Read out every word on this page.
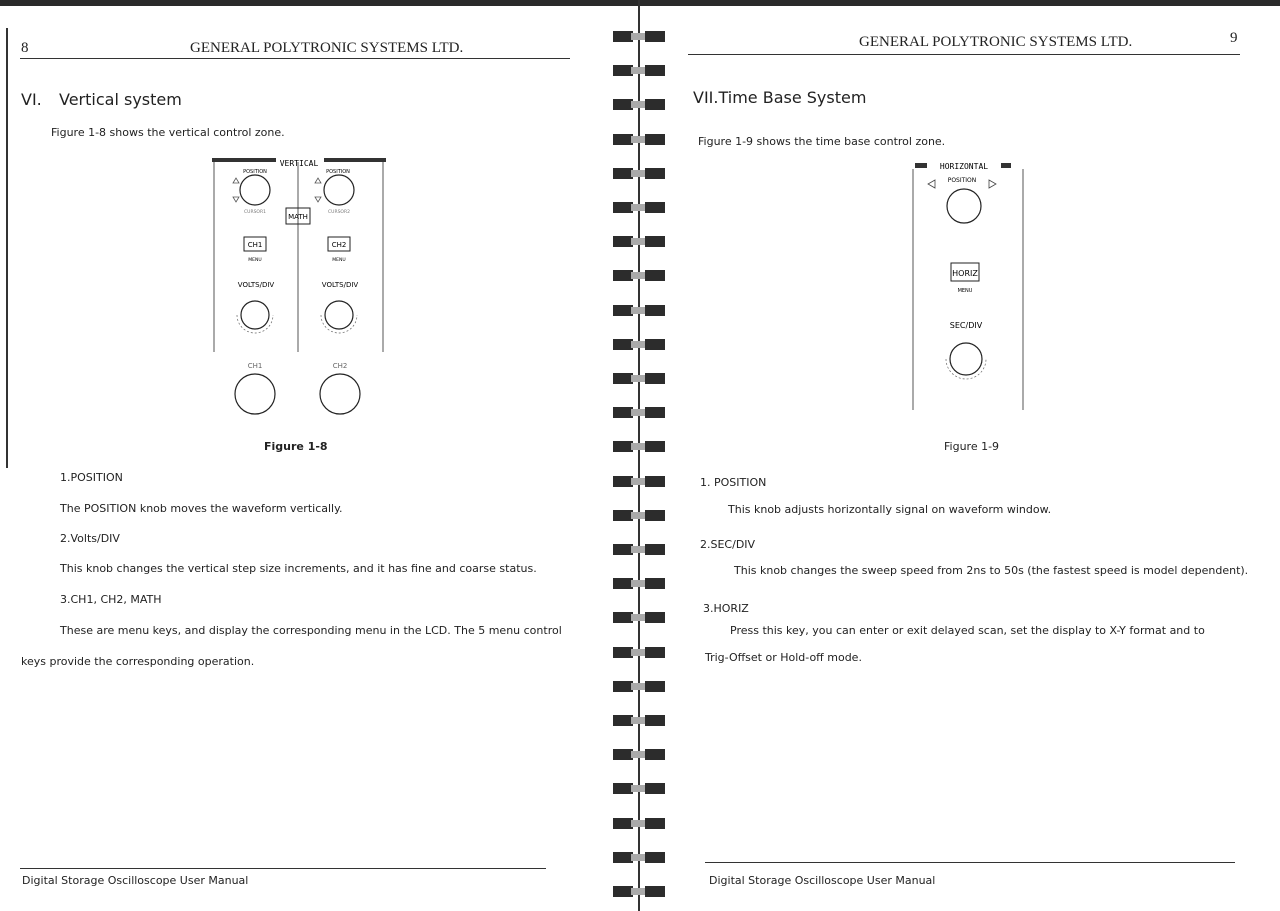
8	GENERAL POLYTRONIC SYSTEMS LTD.
VI. Vertical system
Figure 1-8 shows the vertical control zone.
VERTICAL
POSITION	POSITION
CURSOR1	CURSOR2
MATH
CH1	CH2
MENU	MENU
VOLTS/DIV	VOLTS/DIV
CH1	CH2
Figure 1-8
1.POSITION
The POSITION knob moves the waveform vertically.
2.Volts/DIV
This knob changes the vertical step size increments, and it has fine and coarse status.
3.CH1, CH2, MATH
These are menu keys, and display the corresponding menu in the LCD. The 5 menu control
keys provide the corresponding operation.
Digital Storage Oscilloscope User Manual
GENERAL POLYTRONIC SYSTEMS LTD.	9
VII.Time Base System
Figure 1-9 shows the time base control zone.
HORIZONTAL
POSITION
HORIZ
MENU
SEC/DIV
Figure 1-9
1. POSITION
This knob adjusts horizontally signal on waveform window.
2.SEC/DIV
This knob changes the sweep speed from 2ns to 50s (the fastest speed is model dependent).
3.HORIZ
Press this key, you can enter or exit delayed scan, set the display to X-Y format and to
Trig-Offset or Hold-off mode.
Digital Storage Oscilloscope User Manual
